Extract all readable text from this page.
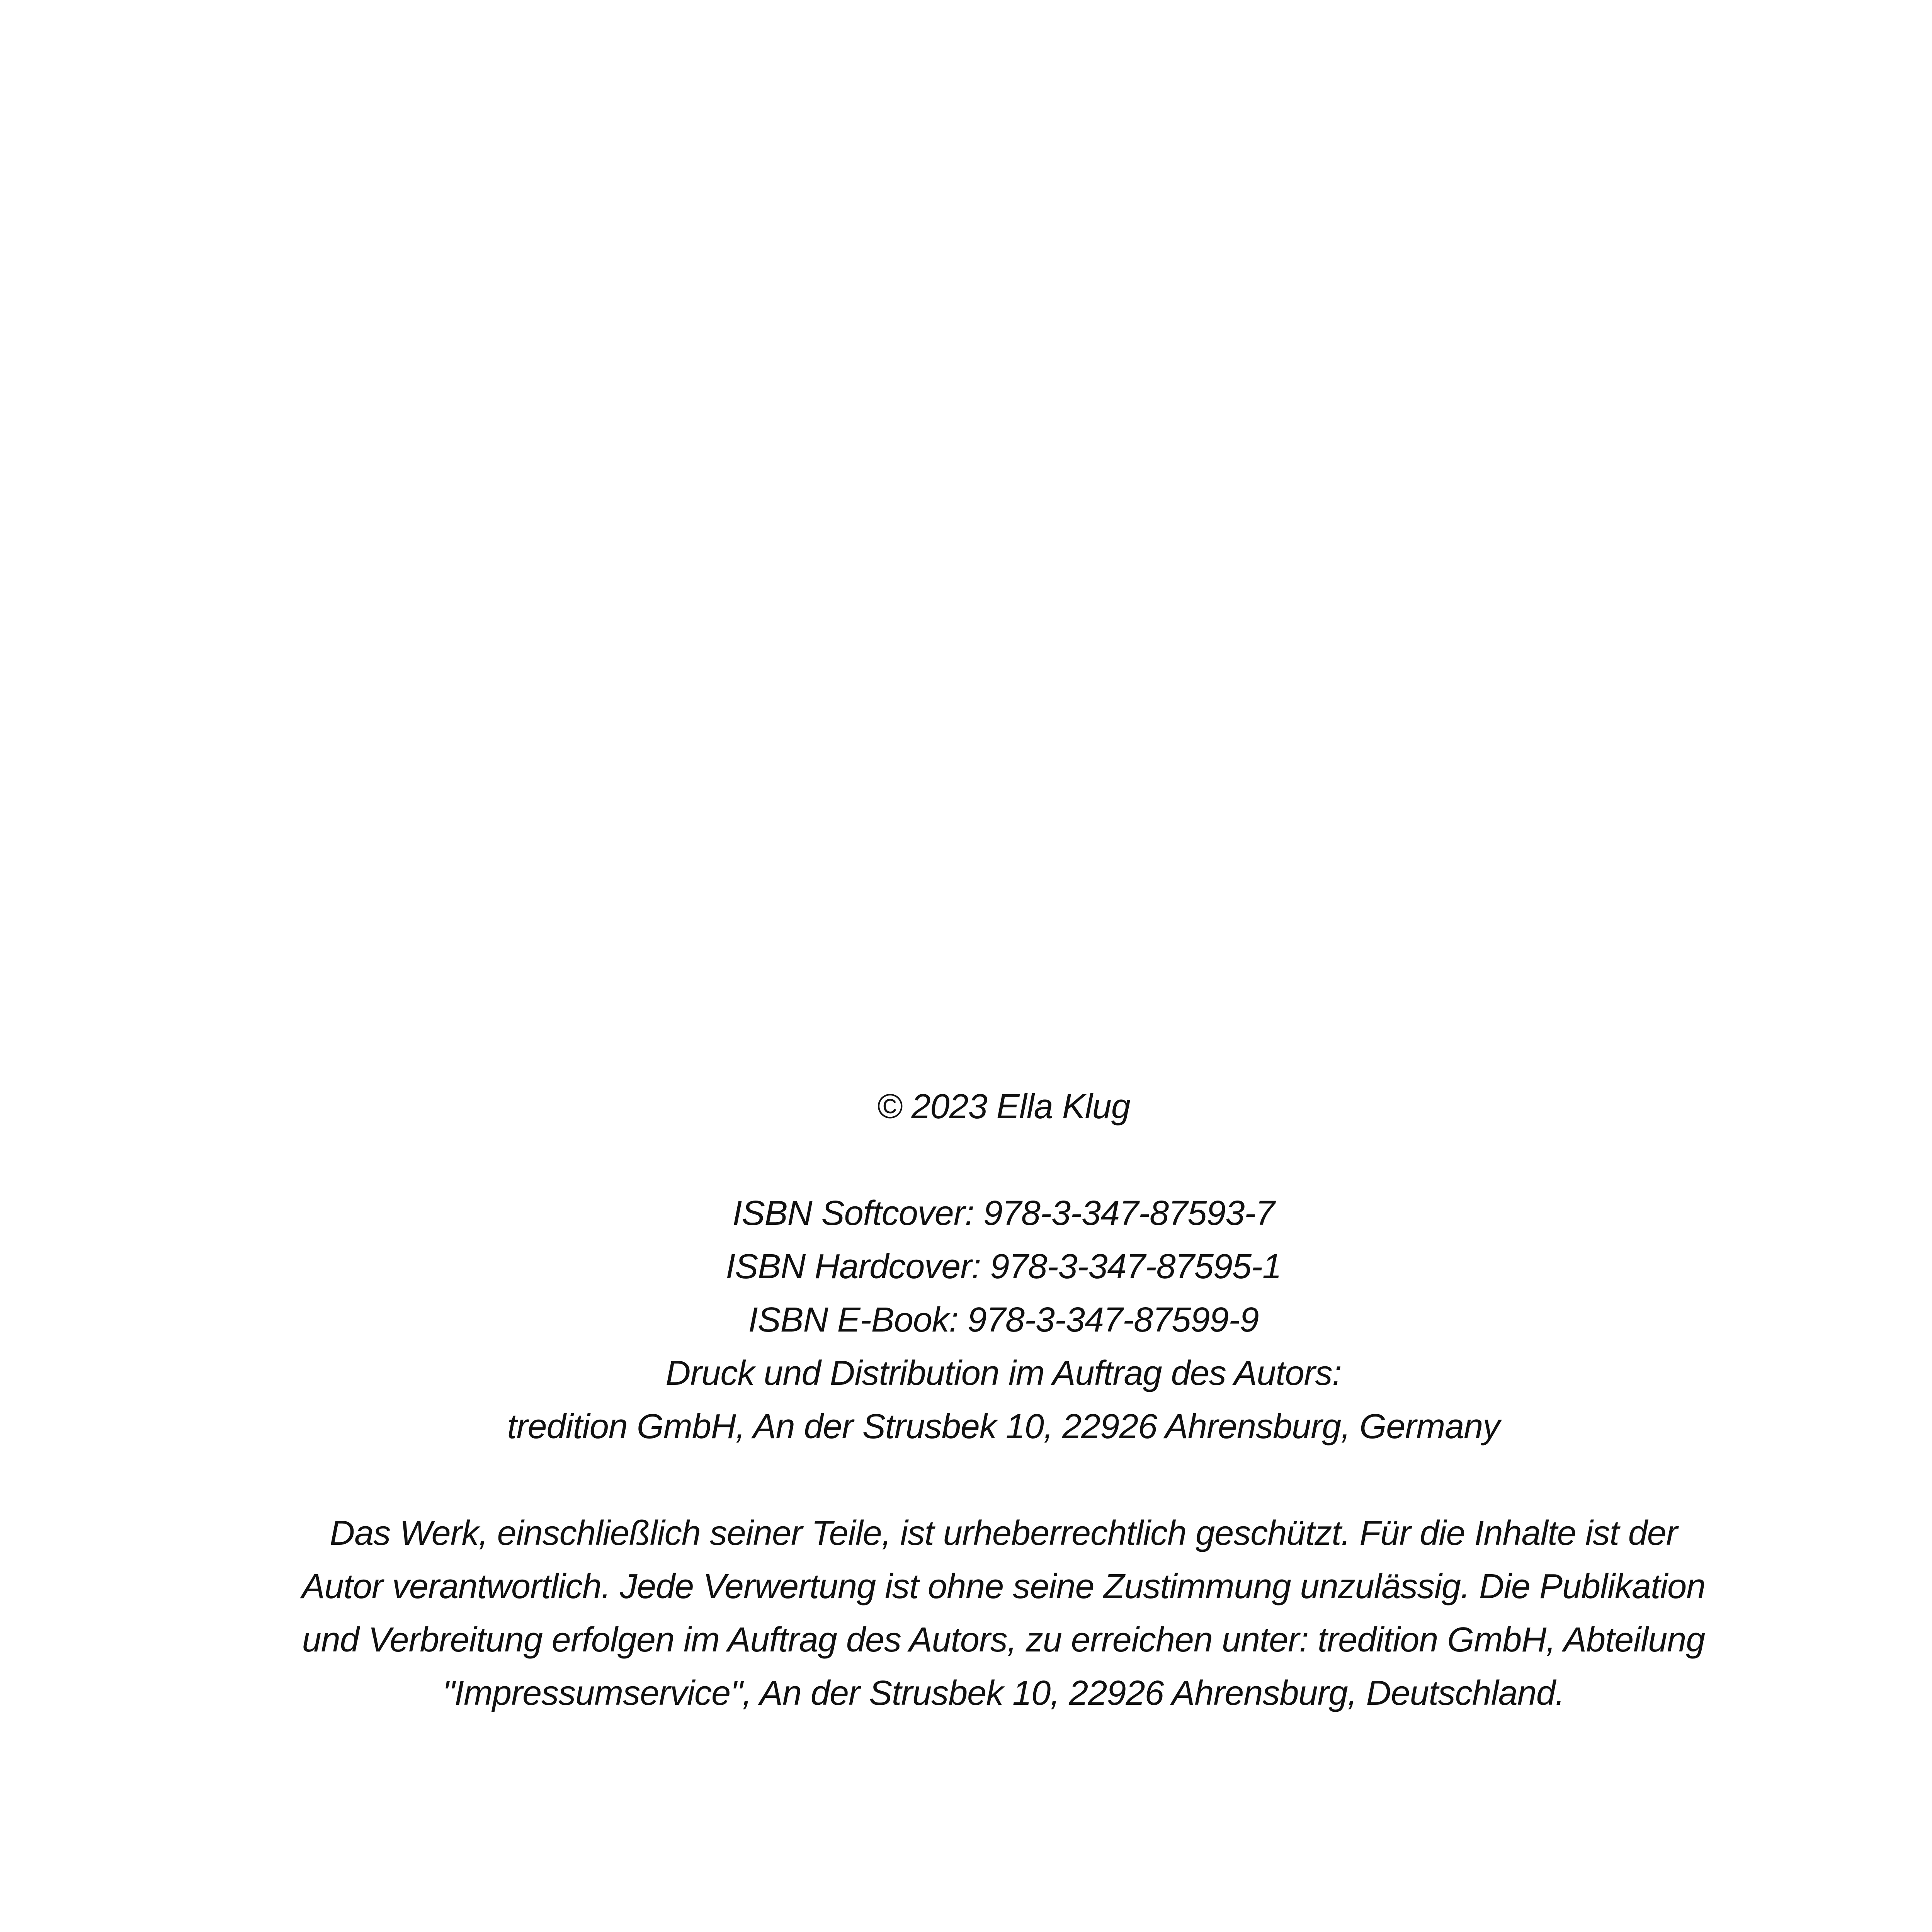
© 2023 Ella Klug
ISBN Softcover: 978-3-347-87593-7
ISBN Hardcover: 978-3-347-87595-1
ISBN E-Book: 978-3-347-87599-9
Druck und Distribution im Auftrag des Autors:
tredition GmbH, An der Strusbek 10, 22926 Ahrensburg, Germany
Das Werk, einschließlich seiner Teile, ist urheberrechtlich geschützt. Für die Inhalte ist der
Autor verantwortlich. Jede Verwertung ist ohne seine Zustimmung unzulässig. Die Publikation
und Verbreitung erfolgen im Auftrag des Autors, zu erreichen unter: tredition GmbH, Abteilung
"Impressumservice", An der Strusbek 10, 22926 Ahrensburg, Deutschland.
